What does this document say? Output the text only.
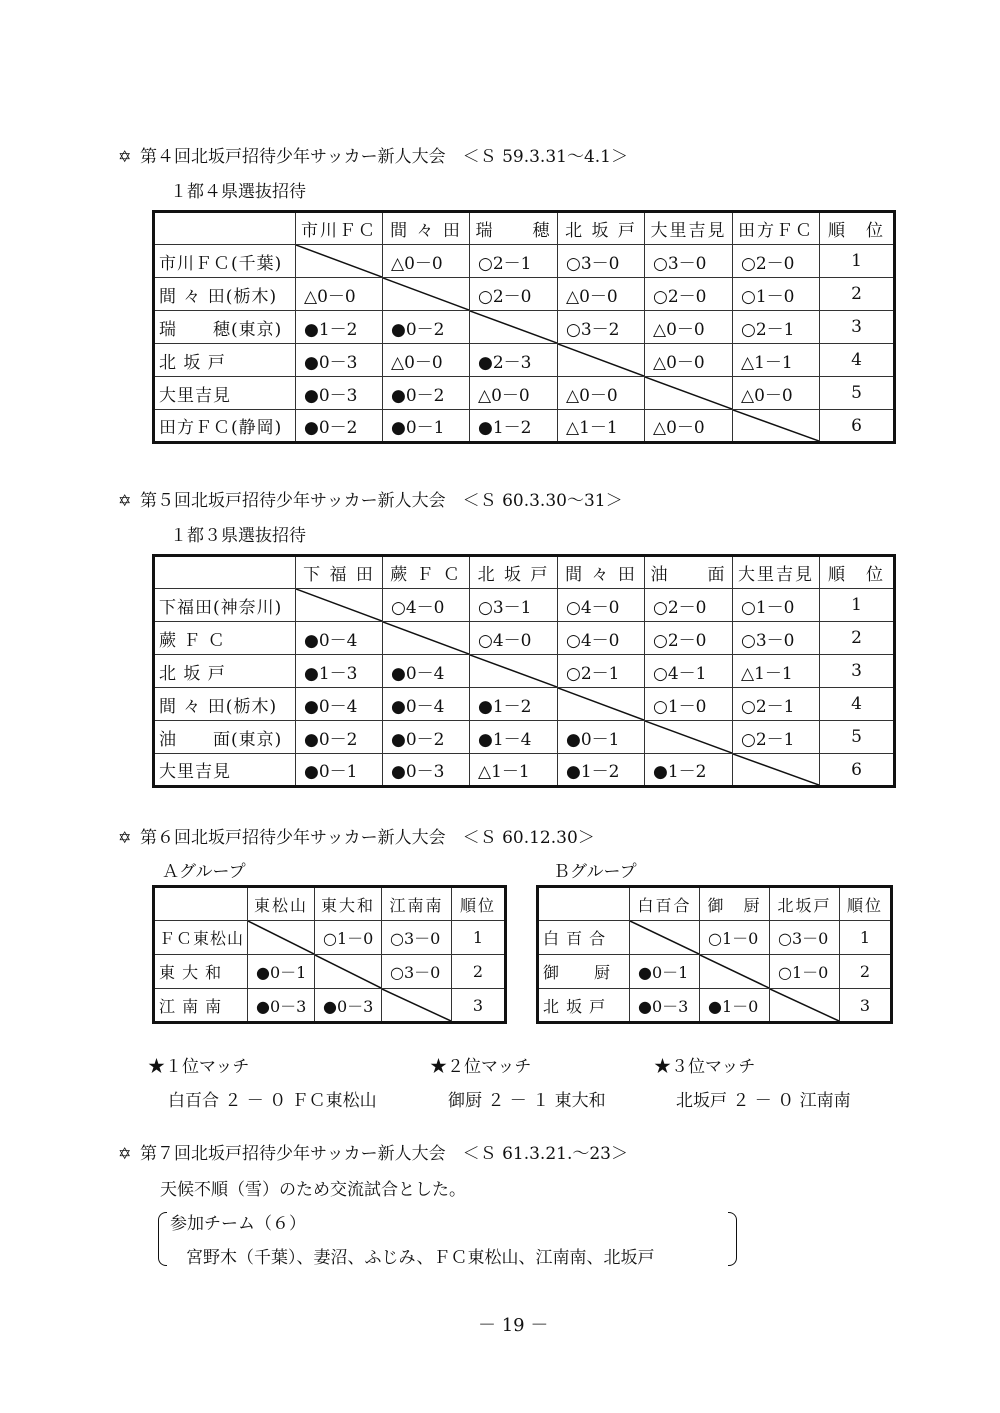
✡ 第４回北坂戸招待少年サッカー新人大会　＜Ｓ 59.3.31～4.1＞
１都４県選抜招待
	市川ＦＣ	間 々 田	瑞　　穂	北 坂 戸	大里吉見	田方ＦＣ	順　位
市川ＦＣ(千葉)		△0－0	○2－1	○3－0	○3－0	○2－0	1
間 々 田(栃木)	△0－0		○2－0	△0－0	○2－0	○1－0	2
瑞　　穂(東京)	●1－2	●0－2		○3－2	△0－0	○2－1	3
北 坂 戸	●0－3	△0－0	●2－3		△0－0	△1－1	4
大里吉見	●0－3	●0－2	△0－0	△0－0		△0－0	5
田方ＦＣ(静岡)	●0－2	●0－1	●1－2	△1－1	△0－0		6
✡ 第５回北坂戸招待少年サッカー新人大会　＜Ｓ 60.3.30～31＞
１都３県選抜招待
	下 福 田	蕨 Ｆ Ｃ	北 坂 戸	間 々 田	油　　面	大里吉見	順　位
下福田(神奈川)		○4－0	○3－1	○4－0	○2－0	○1－0	1
蕨 Ｆ Ｃ	●0－4		○4－0	○4－0	○2－0	○3－0	2
北 坂 戸	●1－3	●0－4		○2－1	○4－1	△1－1	3
間 々 田(栃木)	●0－4	●0－4	●1－2		○1－0	○2－1	4
油　　面(東京)	●0－2	●0－2	●1－4	●0－1		○2－1	5
大里吉見	●0－1	●0－3	△1－1	●1－2	●1－2		6
✡ 第６回北坂戸招待少年サッカー新人大会　＜Ｓ 60.12.30＞
Ａグループ	Ｂグループ
	東松山	東大和	江南南	順位
ＦＣ東松山		○1－0	○3－0	1
東 大 和	●0－1		○3－0	2
江 南 南	●0－3	●0－3		3
	白百合	御　厨	北坂戸	順位
白 百 合		○1－0	○3－0	1
御　　厨	●0－1		○1－0	2
北 坂 戸	●0－3	●1－0		3
★１位マッチ	★２位マッチ	★３位マッチ
白百合 ２ － ０ ＦＣ東松山	御厨 ２ － １ 東大和	北坂戸 ２ － ０ 江南南
✡ 第７回北坂戸招待少年サッカー新人大会　＜Ｓ 61.3.21.～23＞
天候不順（雪）のため交流試合とした。
参加チーム（６）
宮野木（千葉）、妻沼、ふじみ、ＦＣ東松山、江南南、北坂戸
－ 19 －
